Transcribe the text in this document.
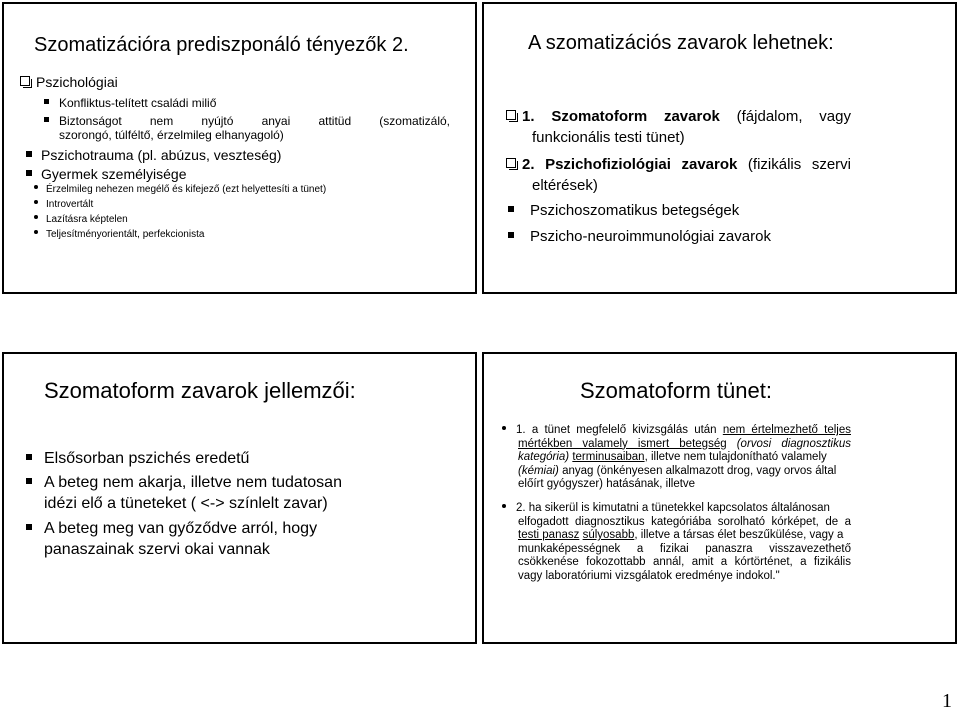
Szomatizációra prediszponáló tényezők 2.
Pszichológiai
Konfliktus-telített családi miliő
Biztonságot nem nyújtó anyai attitüd (szomatizáló,
szorongó, túlféltő, érzelmileg elhanyagoló)
Pszichotrauma (pl. abúzus, veszteség)
Gyermek személyisége
Érzelmileg nehezen megélő és kifejező (ezt helyettesíti a tünet)
Introvertált
Lazításra képtelen
Teljesítményorientált, perfekcionista
A szomatizációs zavarok lehetnek:
1. Szomatoform zavarok (fájdalom, vagy
funkcionális testi tünet)
2. Pszichofiziológiai zavarok (fizikális szervi
eltérések)
Pszichoszomatikus betegségek
Pszicho-neuroimmunológiai zavarok
Szomatoform zavarok jellemzői:
Elsősorban pszichés eredetű
A beteg nem akarja, illetve nem tudatosan
idézi elő a tüneteket ( <-> színlelt zavar)
A beteg meg van győződve arról, hogy
panaszainak szervi okai vannak
Szomatoform tünet:
1. a tünet megfelelő kivizsgálás után nem értelmezhető teljes
mértékben valamely ismert betegség (orvosi diagnosztikus
kategória) terminusaiban, illetve nem tulajdonítható valamely
(kémiai) anyag (önkényesen alkalmazott drog, vagy orvos által
előírt gyógyszer) hatásának, illetve
2. ha sikerül is kimutatni a tünetekkel kapcsolatos általánosan
elfogadott diagnosztikus kategóriába sorolható kórképet, de a
testi panasz súlyosabb, illetve a társas élet beszűkülése, vagy a
munkaképességnek a fizikai panaszra visszavezethető
csökkenése fokozottabb annál, amit a kórtörténet, a fizikális
vagy laboratóriumi vizsgálatok eredménye indokol."
1
